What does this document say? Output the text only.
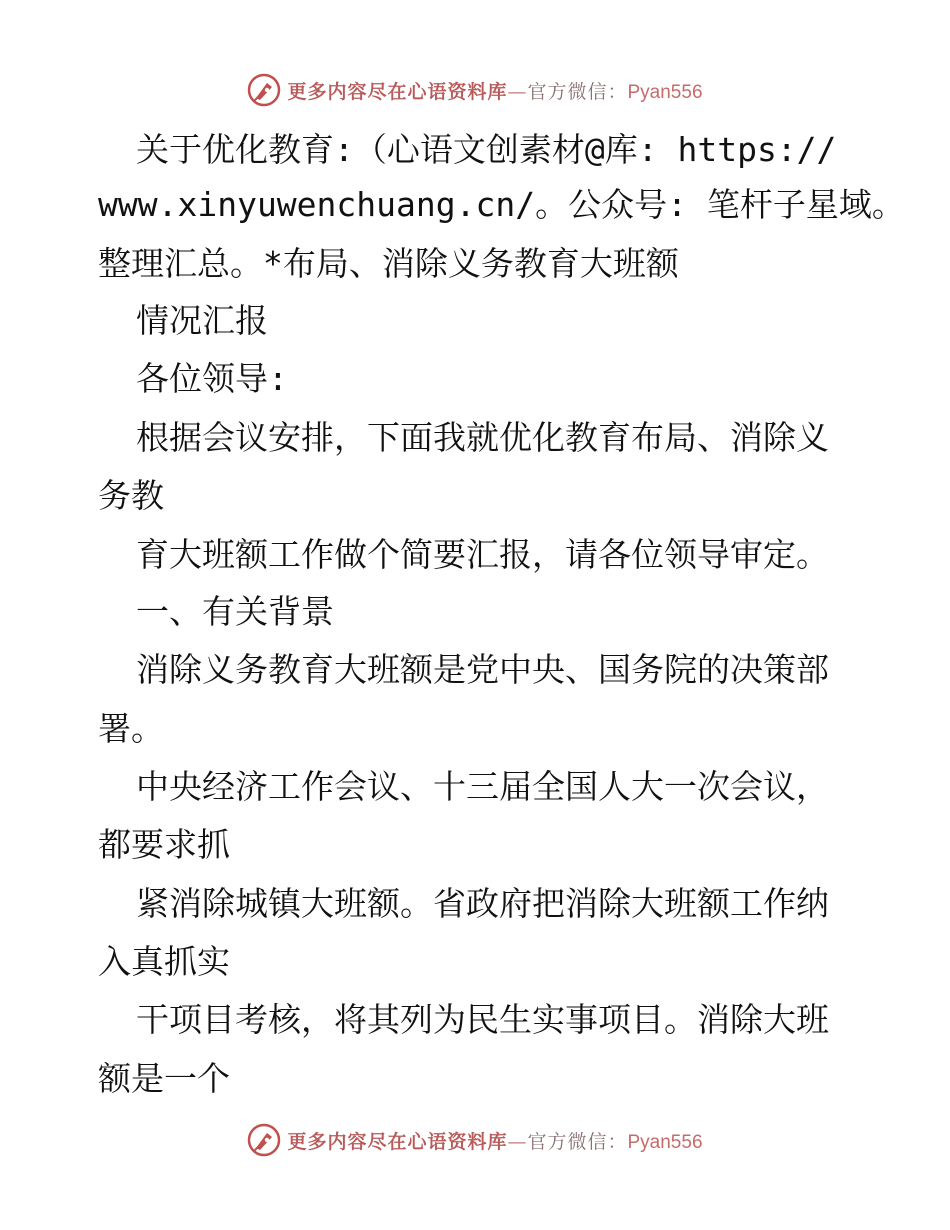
更多内容尽在心语资料库—官方微信：Pyan556
关于优化教育:（心语文创素材@库: https://
www.xinyuwenchuang.cn/。公众号: 笔杆子星域。
整理汇总。*布局、消除义务教育大班额
情况汇报
各位领导:
根据会议安排，下面我就优化教育布局、消除义
务教
育大班额工作做个简要汇报，请各位领导审定。
一、有关背景
消除义务教育大班额是党中央、国务院的决策部
署。
中央经济工作会议、十三届全国人大一次会议，
都要求抓
紧消除城镇大班额。省政府把消除大班额工作纳
入真抓实
干项目考核，将其列为民生实事项目。消除大班
额是一个
更多内容尽在心语资料库—官方微信：Pyan556
